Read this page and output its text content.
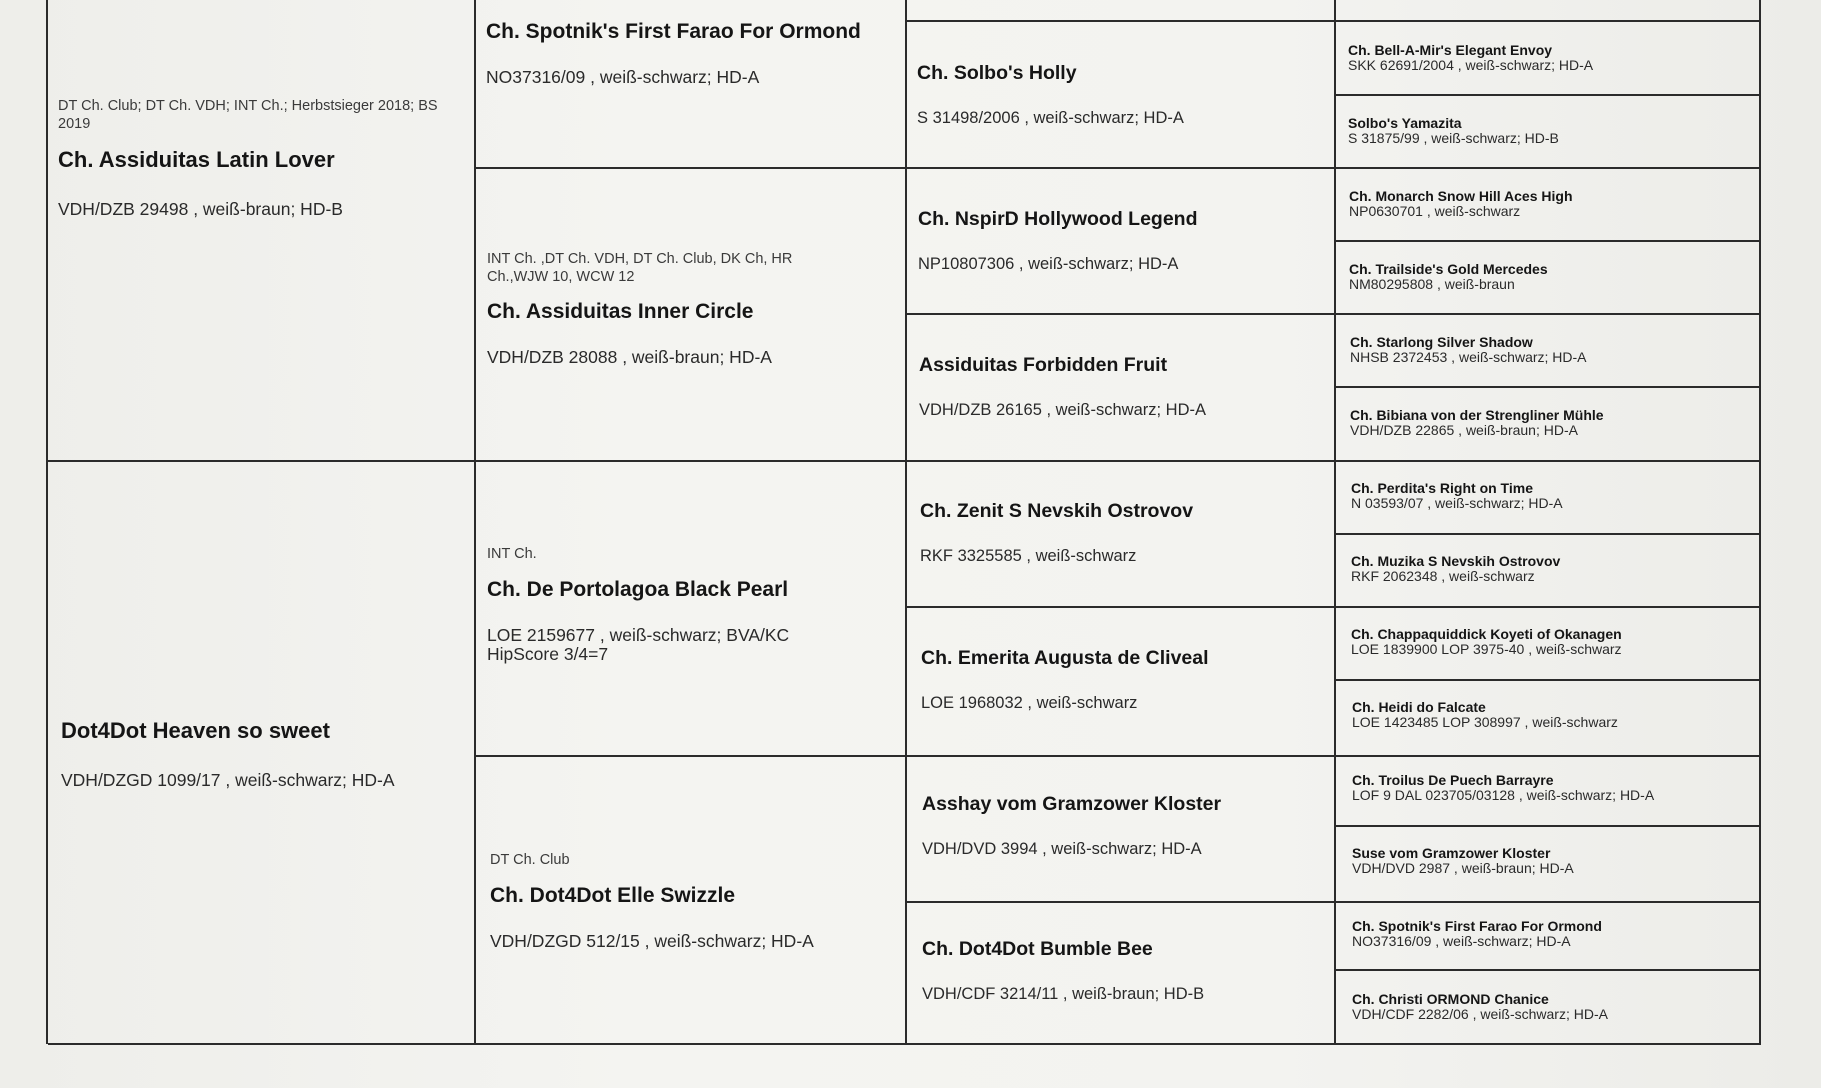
DT Ch. Club; DT Ch. VDH; INT Ch.; Herbstsieger 2018; BS 2019
Ch. Assiduitas Latin Lover
VDH/DZB 29498 , weiß-braun; HD-B
Dot4Dot Heaven so sweet
VDH/DZGD 1099/17 , weiß-schwarz; HD-A
Ch. Spotnik's First Farao For Ormond
NO37316/09 , weiß-schwarz; HD-A
INT Ch. ,DT Ch. VDH, DT Ch. Club, DK Ch, HR Ch.,WJW 10, WCW 12
Ch. Assiduitas Inner Circle
VDH/DZB 28088 , weiß-braun; HD-A
INT Ch.
Ch. De Portolagoa Black Pearl
LOE 2159677 , weiß-schwarz; BVA/KC HipScore 3/4=7
DT Ch. Club
Ch. Dot4Dot Elle Swizzle
VDH/DZGD 512/15 , weiß-schwarz; HD-A
Ch. Solbo's Holly
S 31498/2006 , weiß-schwarz; HD-A
Ch. NspirD Hollywood Legend
NP10807306 , weiß-schwarz; HD-A
Assiduitas Forbidden Fruit
VDH/DZB 26165 , weiß-schwarz; HD-A
Ch. Zenit S Nevskih Ostrovov
RKF 3325585 , weiß-schwarz
Ch. Emerita Augusta de Cliveal
LOE 1968032 , weiß-schwarz
Asshay vom Gramzower Kloster
VDH/DVD 3994 , weiß-schwarz; HD-A
Ch. Dot4Dot Bumble Bee
VDH/CDF 3214/11 , weiß-braun; HD-B
Ch. Bell-A-Mir's Elegant Envoy
SKK 62691/2004 , weiß-schwarz; HD-A
Solbo's Yamazita
S 31875/99 , weiß-schwarz; HD-B
Ch. Monarch Snow Hill Aces High
NP0630701 , weiß-schwarz
Ch. Trailside's Gold Mercedes
NM80295808 , weiß-braun
Ch. Starlong Silver Shadow
NHSB 2372453 , weiß-schwarz; HD-A
Ch. Bibiana von der Strengliner Mühle
VDH/DZB 22865 , weiß-braun; HD-A
Ch. Perdita's Right on Time
N 03593/07 , weiß-schwarz; HD-A
Ch. Muzika S Nevskih Ostrovov
RKF 2062348 , weiß-schwarz
Ch. Chappaquiddick Koyeti of Okanagen
LOE 1839900 LOP 3975-40 , weiß-schwarz
Ch. Heidi do Falcate
LOE 1423485 LOP 308997 , weiß-schwarz
Ch. Troilus De Puech Barrayre
LOF 9 DAL 023705/03128 , weiß-schwarz; HD-A
Suse vom Gramzower Kloster
VDH/DVD 2987 , weiß-braun; HD-A
Ch. Spotnik's First Farao For Ormond
NO37316/09 , weiß-schwarz; HD-A
Ch. Christi ORMOND Chanice
VDH/CDF 2282/06 , weiß-schwarz; HD-A
